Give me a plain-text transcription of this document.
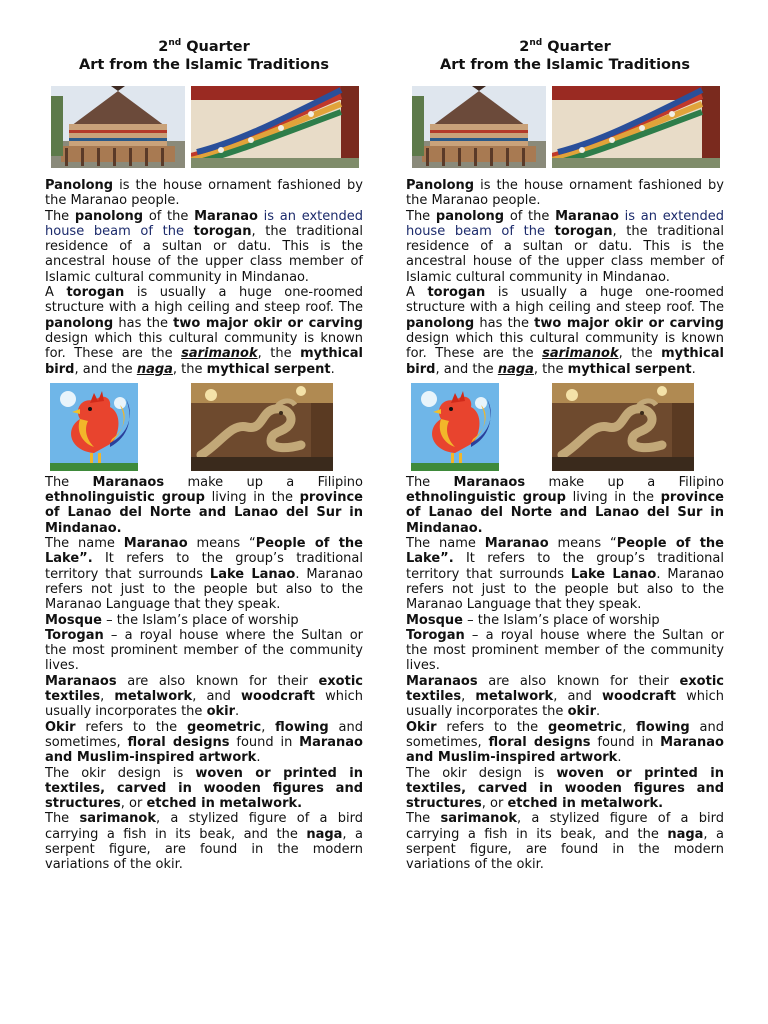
2nd Quarter
Art from the Islamic Traditions

Panolong is the house ornament fashioned by the Maranao people.

The panolong of the Maranao is an extended house beam of the torogan, the traditional residence of a sultan or datu. This is the ancestral house of the upper class member of Islamic cultural community in Mindanao.

A torogan is usually a huge one-roomed structure with a high ceiling and steep roof. The panolong has the two major okir or carving design which this cultural community is known for. These are the sarimanok, the mythical bird, and the naga, the mythical serpent.

The Maranaos make up a Filipino ethnolinguistic group living in the province of Lanao del Norte and Lanao del Sur in Mindanao.

The name Maranao means “People of the Lake”. It refers to the group’s traditional territory that surrounds Lake Lanao. Maranao refers not just to the people but also to the Maranao Language that they speak.

Mosque – the Islam’s place of worship

Torogan – a royal house where the Sultan or the most prominent member of the community lives.

Maranaos are also known for their exotic textiles, metalwork, and woodcraft which usually incorporates the okir.

Okir refers to the geometric, flowing and sometimes, floral designs found in Maranao and Muslim-inspired artwork.

The okir design is woven or printed in textiles, carved in wooden figures and structures, or etched in metalwork.

The sarimanok, a stylized figure of a bird carrying a fish in its beak, and the naga, a serpent figure, are found in the modern variations of the okir.

2nd Quarter
Art from the Islamic Traditions

Panolong is the house ornament fashioned by the Maranao people.

The panolong of the Maranao is an extended house beam of the torogan, the traditional residence of a sultan or datu. This is the ancestral house of the upper class member of Islamic cultural community in Mindanao.

A torogan is usually a huge one-roomed structure with a high ceiling and steep roof. The panolong has the two major okir or carving design which this cultural community is known for. These are the sarimanok, the mythical bird, and the naga, the mythical serpent.

The Maranaos make up a Filipino ethnolinguistic group living in the province of Lanao del Norte and Lanao del Sur in Mindanao.

The name Maranao means “People of the Lake”. It refers to the group’s traditional territory that surrounds Lake Lanao. Maranao refers not just to the people but also to the Maranao Language that they speak.

Mosque – the Islam’s place of worship

Torogan – a royal house where the Sultan or the most prominent member of the community lives.

Maranaos are also known for their exotic textiles, metalwork, and woodcraft which usually incorporates the okir.

Okir refers to the geometric, flowing and sometimes, floral designs found in Maranao and Muslim-inspired artwork.

The okir design is woven or printed in textiles, carved in wooden figures and structures, or etched in metalwork.

The sarimanok, a stylized figure of a bird carrying a fish in its beak, and the naga, a serpent figure, are found in the modern variations of the okir.
